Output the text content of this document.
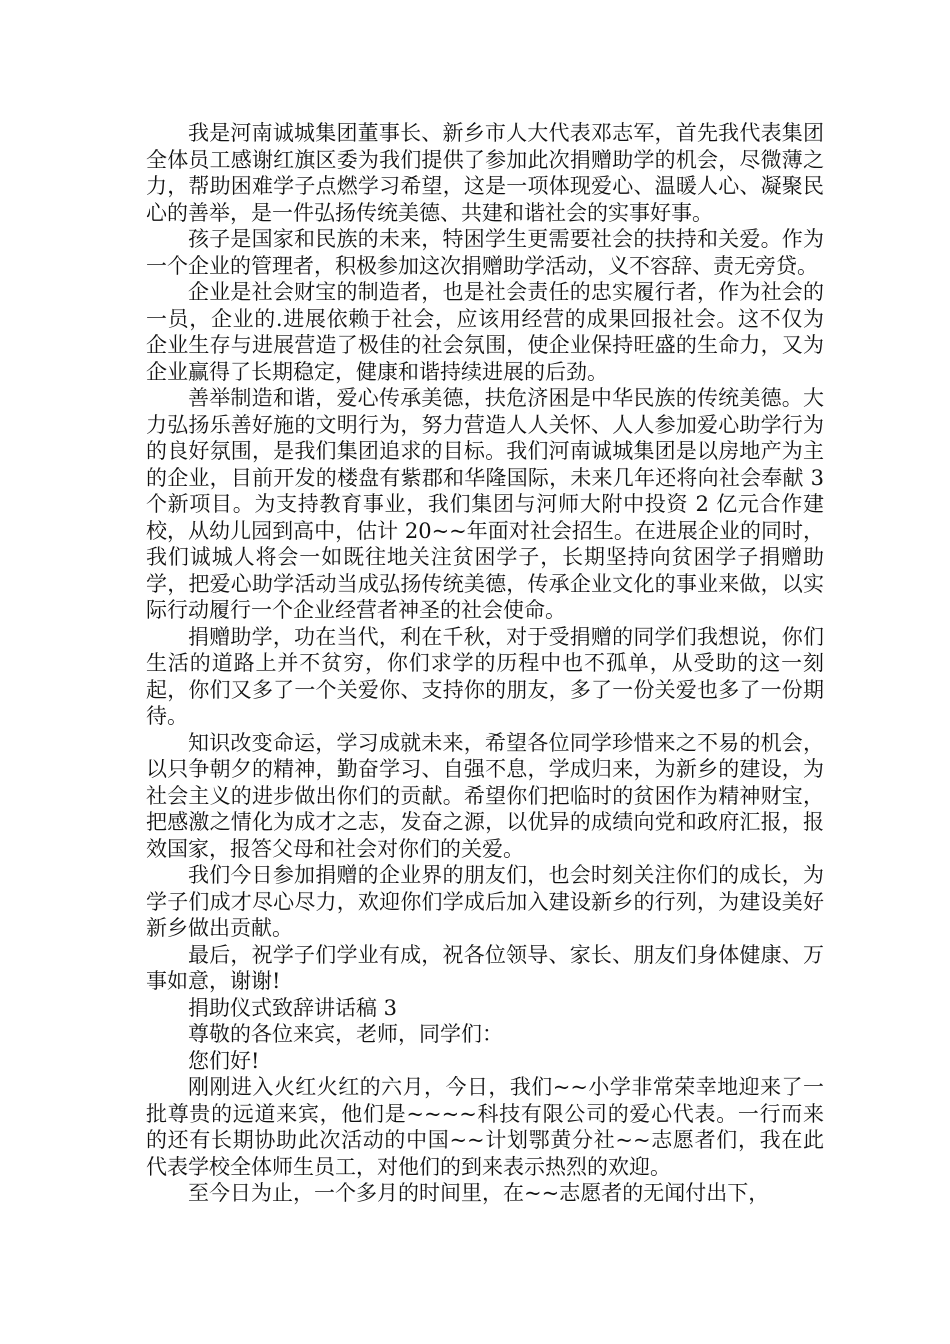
我是河南诚城集团董事长、新乡市人大代表邓志军，首先我代表集团全体员工感谢红旗区委为我们提供了参加此次捐赠助学的机会，尽微薄之力，帮助困难学子点燃学习希望，这是一项体现爱心、温暖人心、凝聚民心的善举，是一件弘扬传统美德、共建和谐社会的实事好事。

孩子是国家和民族的未来，特困学生更需要社会的扶持和关爱。作为一个企业的管理者，积极参加这次捐赠助学活动，义不容辞、责无旁贷。

企业是社会财宝的制造者，也是社会责任的忠实履行者，作为社会的一员，企业的.进展依赖于社会，应该用经营的成果回报社会。这不仅为企业生存与进展营造了极佳的社会氛围，使企业保持旺盛的生命力，又为企业赢得了长期稳定，健康和谐持续进展的后劲。

善举制造和谐，爱心传承美德，扶危济困是中华民族的传统美德。大力弘扬乐善好施的文明行为，努力营造人人关怀、人人参加爱心助学行为的良好氛围，是我们集团追求的目标。我们河南诚城集团是以房地产为主的企业，目前开发的楼盘有紫郡和华隆国际，未来几年还将向社会奉献 3 个新项目。为支持教育事业，我们集团与河师大附中投资 2 亿元合作建校，从幼儿园到高中，估计 20~~年面对社会招生。在进展企业的同时，我们诚城人将会一如既往地关注贫困学子，长期坚持向贫困学子捐赠助学，把爱心助学活动当成弘扬传统美德，传承企业文化的事业来做，以实际行动履行一个企业经营者神圣的社会使命。

捐赠助学，功在当代，利在千秋，对于受捐赠的同学们我想说，你们生活的道路上并不贫穷，你们求学的历程中也不孤单，从受助的这一刻起，你们又多了一个关爱你、支持你的朋友，多了一份关爱也多了一份期待。

知识改变命运，学习成就未来，希望各位同学珍惜来之不易的机会，以只争朝夕的精神，勤奋学习、自强不息，学成归来，为新乡的建设，为社会主义的进步做出你们的贡献。希望你们把临时的贫困作为精神财宝，把感激之情化为成才之志，发奋之源，以优异的成绩向党和政府汇报，报效国家，报答父母和社会对你们的关爱。

我们今日参加捐赠的企业界的朋友们，也会时刻关注你们的成长，为学子们成才尽心尽力，欢迎你们学成后加入建设新乡的行列，为建设美好新乡做出贡献。

最后，祝学子们学业有成，祝各位领导、家长、朋友们身体健康、万事如意，谢谢!

捐助仪式致辞讲话稿 3

尊敬的各位来宾，老师，同学们：

您们好!

刚刚进入火红火红的六月，今日，我们~~小学非常荣幸地迎来了一批尊贵的远道来宾，他们是~~~~科技有限公司的爱心代表。一行而来的还有长期协助此次活动的中国~~计划鄂黄分社~~志愿者们，我在此代表学校全体师生员工，对他们的到来表示热烈的欢迎。

至今日为止，一个多月的时间里，在~~志愿者的无闻付出下，
